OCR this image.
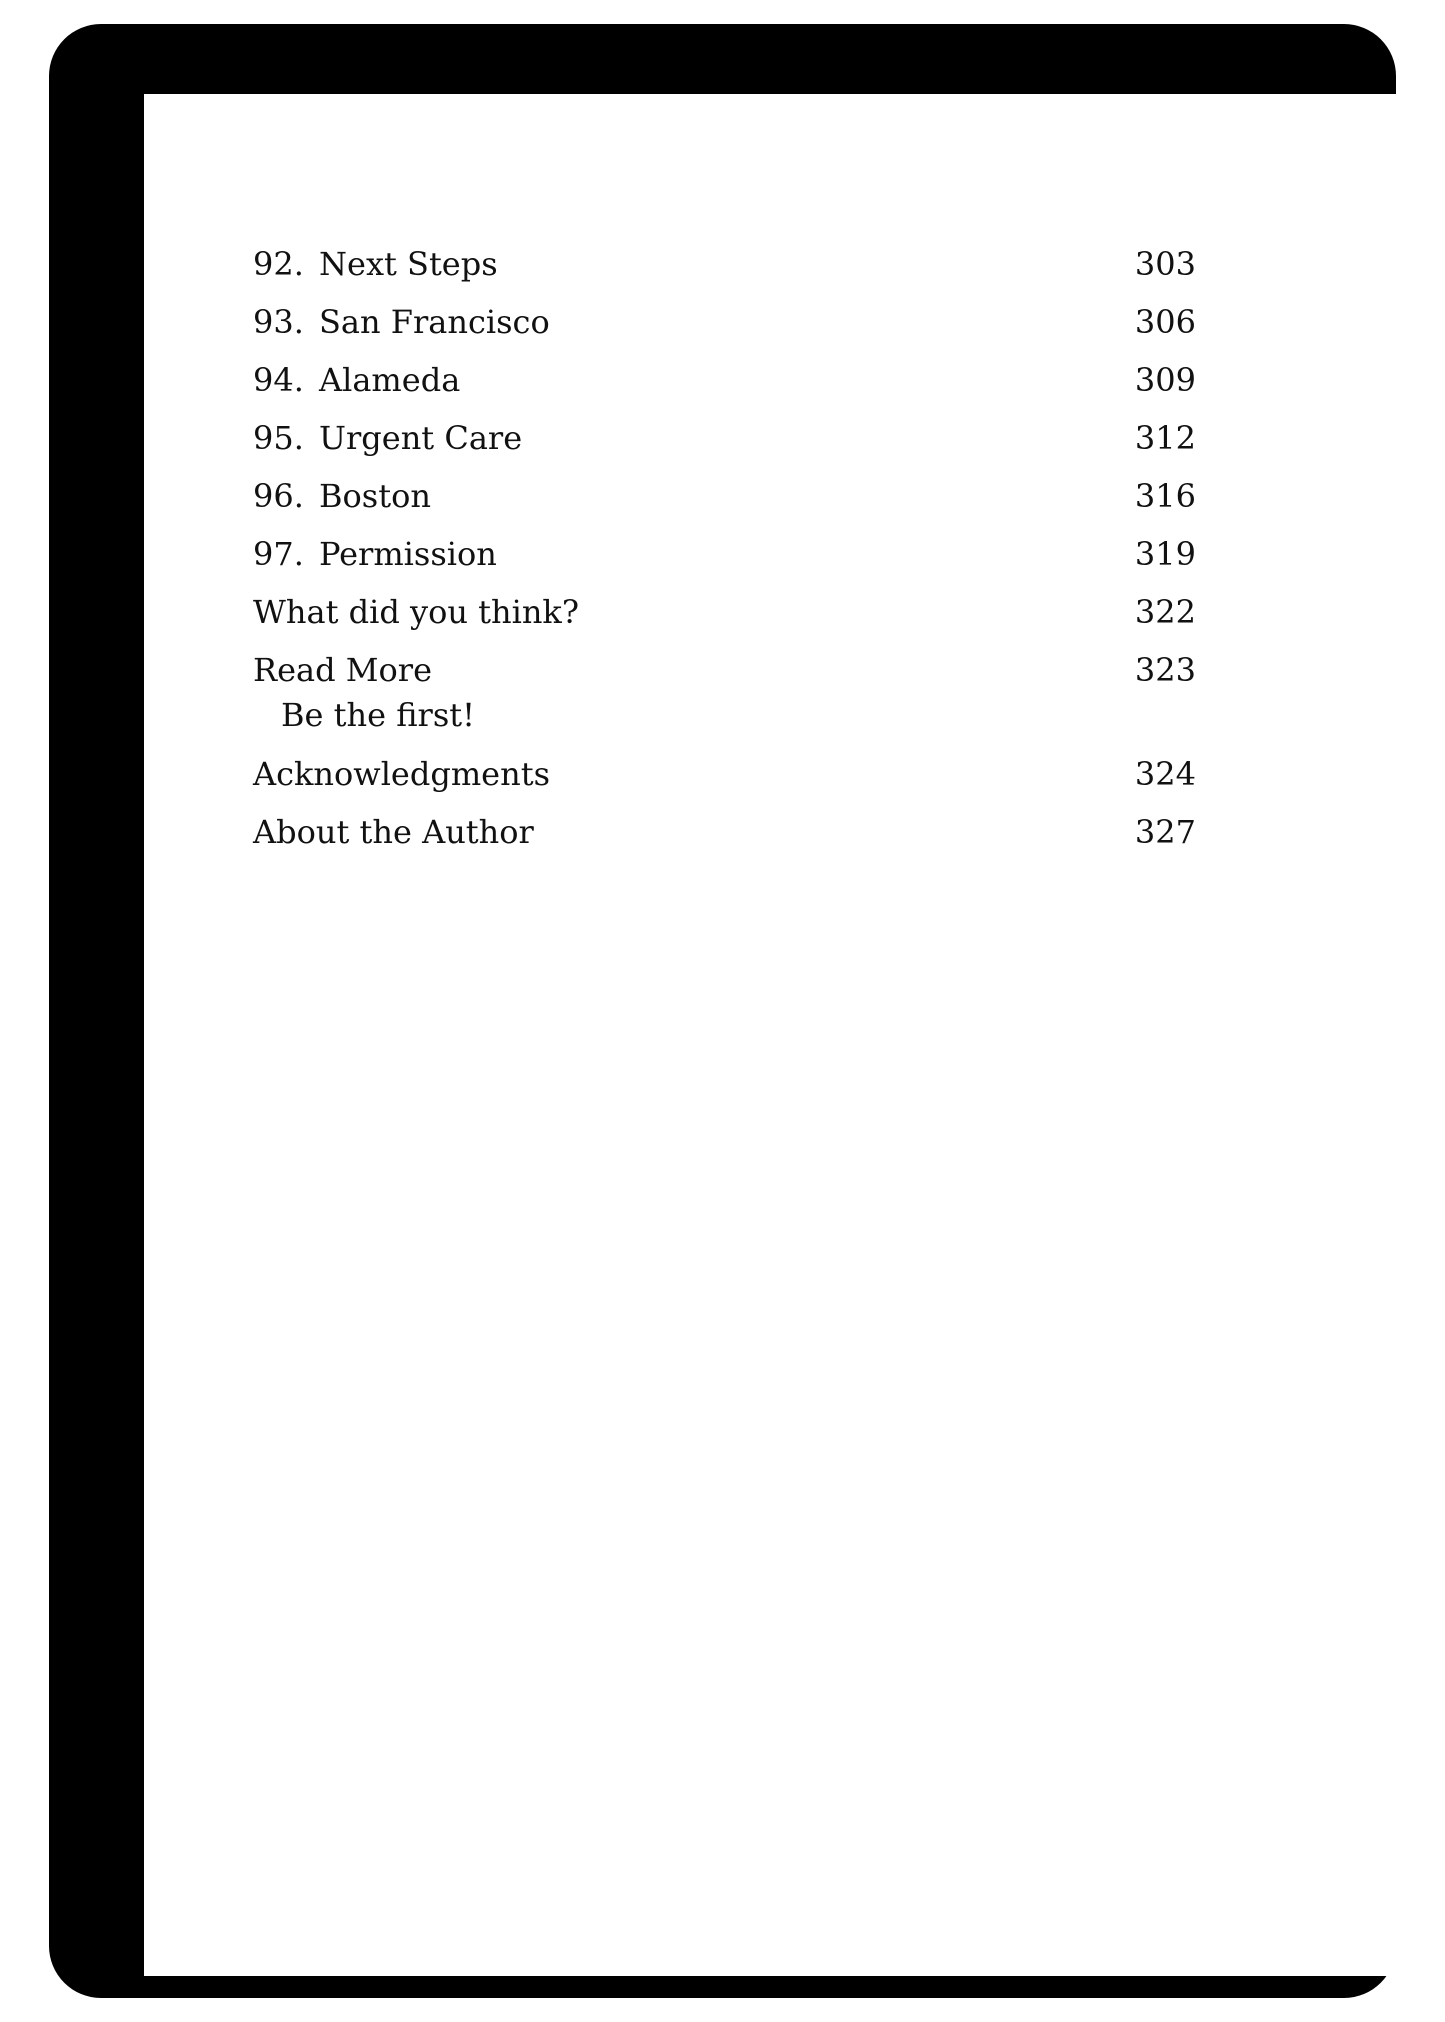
92. Next Steps	303
93. San Francisco	306
94. Alameda	309
95. Urgent Care	312
96. Boston	316
97. Permission	319
What did you think?	322
Read More	323
Be the first!
Acknowledgments	324
About the Author	327
